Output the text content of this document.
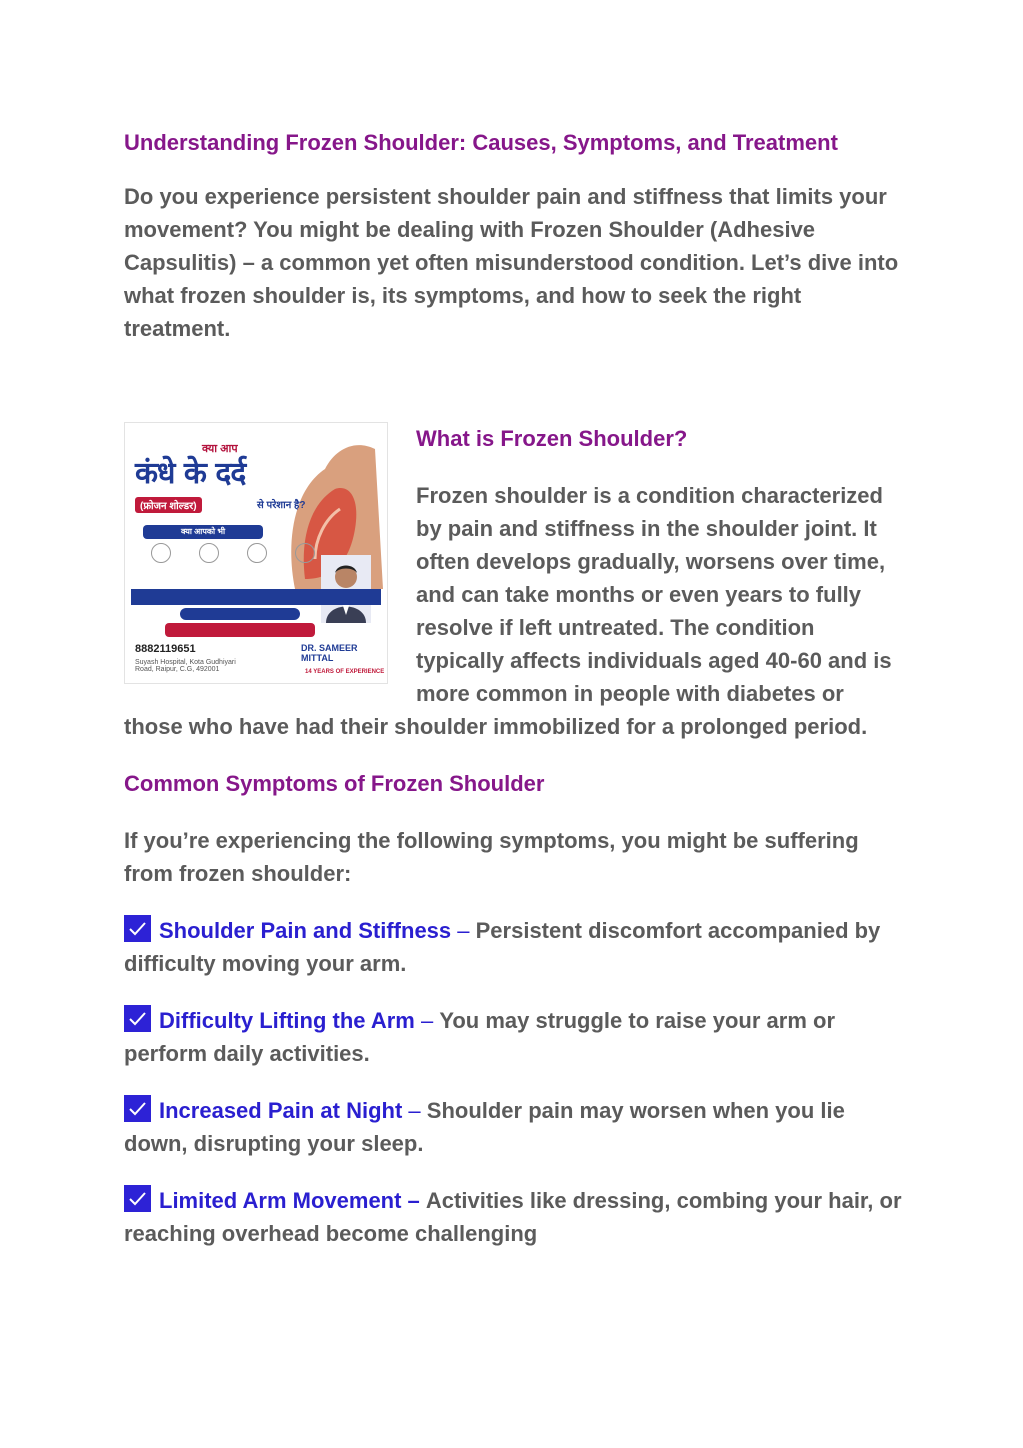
Understanding Frozen Shoulder: Causes, Symptoms, and Treatment

Do you experience persistent shoulder pain and stiffness that limits your movement? You might be dealing with Frozen Shoulder (Adhesive Capsulitis) – a common yet often misunderstood condition. Let’s dive into what frozen shoulder is, its symptoms, and how to seek the right treatment.

क्या आप
कंधे के दर्द
(फ्रोजन शोल्डर)	से परेशान है?
क्या आपको भी
8882119651
Suyash Hospital, Kota Gudhiyari Road, Raipur, C.G, 492001
DR. SAMEER MITTAL
14 YEARS OF EXPERIENCE
What is Frozen Shoulder?

Frozen shoulder is a condition characterized by pain and stiffness in the shoulder joint. It often develops gradually, worsens over time, and can take months or even years to fully resolve if left untreated. The condition typically affects individuals aged 40-60 and is more common in people with diabetes or those who have had their shoulder immobilized for a prolonged period.

Common Symptoms of Frozen Shoulder

If you’re experiencing the following symptoms, you might be suffering from frozen shoulder:

Shoulder Pain and Stiffness – Persistent discomfort accompanied by difficulty moving your arm.
Difficulty Lifting the Arm – You may struggle to raise your arm or perform daily activities.
Increased Pain at Night – Shoulder pain may worsen when you lie down, disrupting your sleep.
Limited Arm Movement – Activities like dressing, combing your hair, or reaching overhead become challenging
